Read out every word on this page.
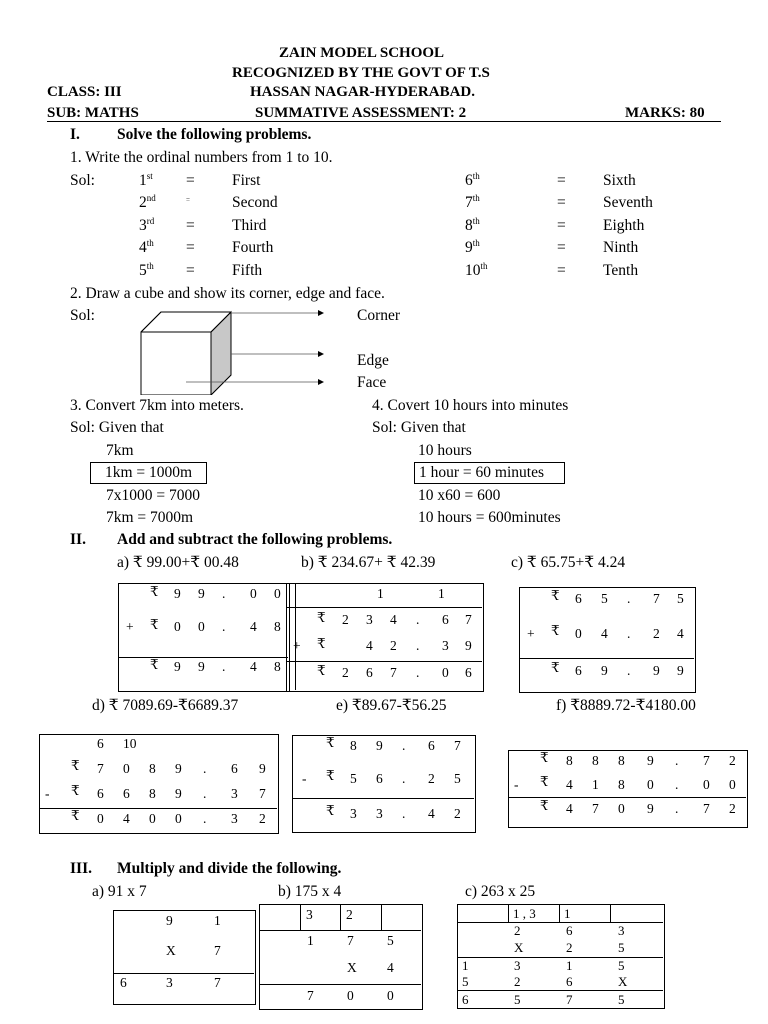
ZAIN MODEL SCHOOL
RECOGNIZED BY THE GOVT OF T.S
CLASS: III	HASSAN NAGAR-HYDERABAD.
SUB: MATHS	SUMMATIVE ASSESSMENT: 2	MARKS: 80
I. Solve the following problems.
1. Write the ordinal numbers from 1 to 10.
Sol:	1st = First
2nd	=	Second
3rd = Third
4th = Fourth
5th = Fifth
6th	= Sixth
7th	= Seventh
8th	= Eighth
9th	= Ninth
10th	= Tenth
2. Draw a cube and show its corner, edge and face.
Sol:	Corner
Edge
Face
3. Convert 7km into meters.
Sol: Given that
7km
1km = 1000m
7x1000 = 7000
7km = 7000m
4. Covert 10 hours into minutes
Sol: Given that
10 hours
1 hour = 60 minutes
10 x60 = 600
10 hours = 600minutes
II. Add and subtract the following problems.
a) ₹ 99.00+₹ 00.48	b) ₹ 234.67+ ₹ 42.39	c) ₹ 65.75+₹ 4.24
₹ 9 9 . 0 0
+ ₹ 0 0 . 4 8
₹ 9 9 . 4 8
1	1
₹ 2 3 4 . 6 7
+ ₹	4 2 . 3 9
₹ 2 6 7 . 0 6
₹ 6 5 . 7 5
+ ₹ 0 4 . 2 4
₹ 6 9 . 9 9
d) ₹ 7089.69-₹6689.37	e) ₹89.67-₹56.25	f) ₹8889.72-₹4180.00
6 10
₹ 7 0 8 9 . 6 9
- ₹ 6 6 8 9 . 3 7
₹ 0 4 0 0 . 3 2
₹ 8 9 . 6 7
- ₹ 5 6 . 2 5
₹ 3 3 . 4 2
₹ 8 8 8 9 . 7 2
- ₹ 4 1 8 0 . 0 0
₹ 4 7 0 9 . 7 2
III. Multiply and divide the following.
a) 91 x 7	b) 175 x 4	c) 263 x 25
9	1
X	7
6	3	7
3 2
1 7 5
X 4
7 0 0
1 , 3 1
2	6	3
X	2	5
1	3	1	5
5	2	6	X
6	5	7	5
